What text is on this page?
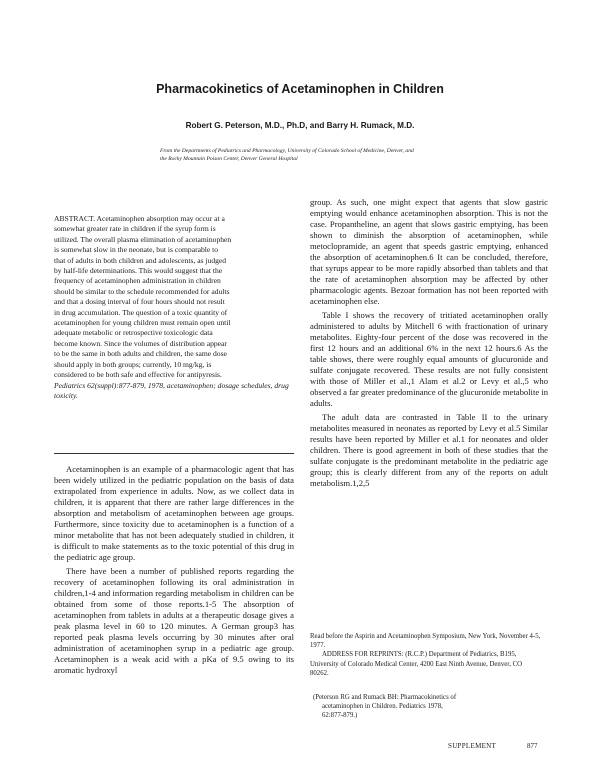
Pharmacokinetics of Acetaminophen in Children
Robert G. Peterson, M.D., Ph.D, and Barry H. Rumack, M.D.
From the Departments of Pediatrics and Pharmacology, University of Colorado School of Medicine, Denver, and
the Rocky Mountain Poison Center, Denver General Hospital
ABSTRACT. Acetaminophen absorption may occur at a
somewhat greater rate in children if the syrup form is
utilized. The overall plasma elimination of acetaminophen
is somewhat slow in the neonate, but is comparable to
that of adults in both children and adolescents, as judged
by half-life determinations. This would suggest that the
frequency of acetaminophen administration in children
should be similar to the schedule recommended for adults
and that a dosing interval of four hours should not result
in drug accumulation. The question of a toxic quantity of
acetaminophen for young children must remain open until
adequate metabolic or retrospective toxicologic data
become known. Since the volumes of distribution appear
to be the same in both adults and children, the same dose
should apply in both groups; currently, 10 mg/kg, is
considered to be both safe and effective for antipyresis.
Pediatrics 62(suppl):877-879, 1978, acetaminophen; dosage schedules, drug toxicity.

Acetaminophen is an example of a pharmacologic agent that has been widely utilized in the pediatric population on the basis of data extrapolated from experience in adults. Now, as we collect data in children, it is apparent that there are rather large differences in the absorption and metabolism of acetaminophen between age groups. Furthermore, since toxicity due to acetaminophen is a function of a minor metabolite that has not been adequately studied in children, it is difficult to make statements as to the toxic potential of this drug in the pediatric age group.

There have been a number of published reports regarding the recovery of acetaminophen following its oral administration in children,1-4 and information regarding metabolism in children can be obtained from some of those reports.1-5 The absorption of acetaminophen from tablets in adults at a therapeutic dosage gives a peak plasma level in 60 to 120 minutes. A German group3 has reported peak plasma levels occurring by 30 minutes after oral administration of acetaminophen syrup in a pediatric age group. Acetaminophen is a weak acid with a pKa of 9.5 owing to its aromatic hydroxyl

group. As such, one might expect that agents that slow gastric emptying would enhance acetaminophen absorption. This is not the case. Propantheline, an agent that slows gastric emptying, has been shown to diminish the absorption of acetaminophen, while metoclopramide, an agent that speeds gastric emptying, enhanced the absorption of acetaminophen.6 It can be concluded, therefore, that syrups appear to be more rapidly absorbed than tablets and that the rate of acetaminophen absorption may be affected by other pharmacologic agents. Bezoar formation has not been reported with acetaminophen else.

Table I shows the recovery of tritiated acetaminophen orally administered to adults by Mitchell 6 with fractionation of urinary metabolites. Eighty-four percent of the dose was recovered in the first 12 hours and an additional 6% in the next 12 hours.6 As the table shows, there were roughly equal amounts of glucuronide and sulfate conjugate recovered. These results are not fully consistent with those of Miller et al.,1 Alam et al.2 or Levy et al.,5 who observed a far greater predominance of the glucuronide metabolite in adults.

The adult data are contrasted in Table II to the urinary metabolites measured in neonates as reported by Levy et al.5 Similar results have been reported by Miller et al.1 for neonates and older children. There is good agreement in both of these studies that the sulfate conjugate is the predominant metabolite in the pediatric age group; this is clearly different from any of the reports on adult metabolism.1,2,5

Read before the Aspirin and Acetaminophen Symposium, New York, November 4-5, 1977.

ADDRESS FOR REPRINTS: (R.C.P.) Department of Pediatrics, B195, University of Colorado Medical Center, 4200 East Ninth Avenue, Denver, CO 80262.

(Peterson RG and Rumack BH: Pharmacokinetics of
acetaminophen in Children. Pediatrics 1978,
62:877-879.)
SUPPLEMENT	877
